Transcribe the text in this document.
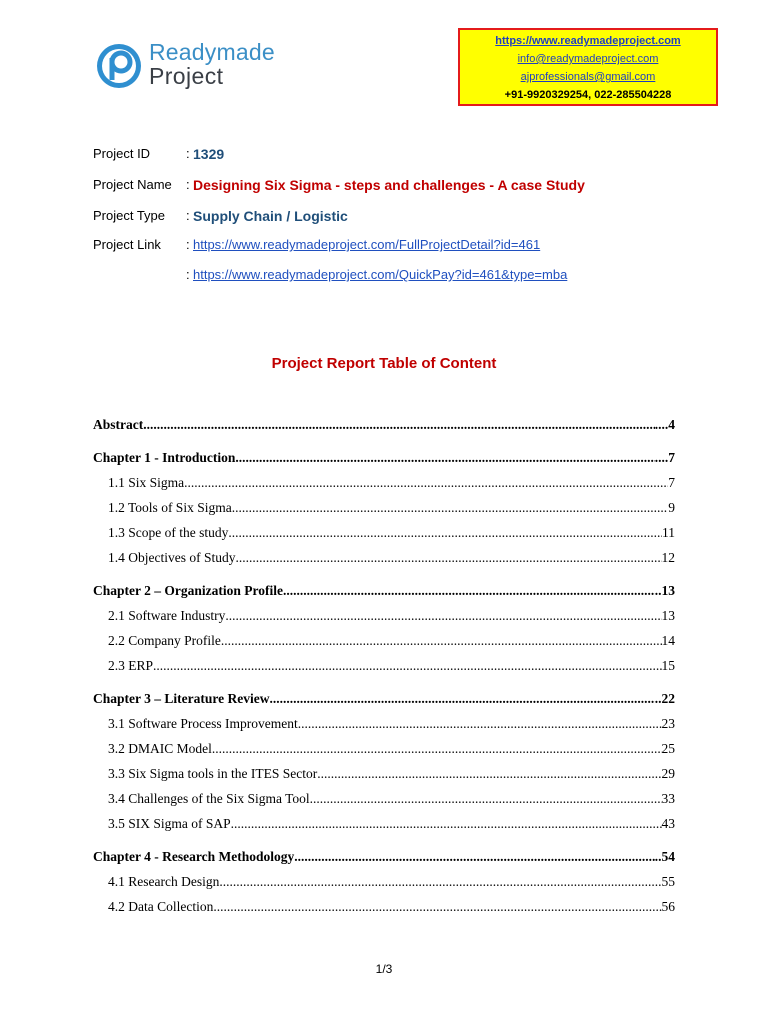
Readymade
Project
https://www.readymadeproject.com
info@readymadeproject.com
ajprofessionals@gmail.com
+91-9920329254, 022-285504228
Project ID	: 1329
Project Name	: Designing Six Sigma - steps and challenges - A case Study
Project Type	: Supply Chain / Logistic
Project Link	: https://www.readymadeproject.com/FullProjectDetail?id=461
: https://www.readymadeproject.com/QuickPay?id=461&type=mba
Project Report Table of Content
Abstract .....	....4
Chapter 1 - Introduction .....	....7
1.1 Six Sigma .....	7
1.2 Tools of Six Sigma .....	9
1.3 Scope of the study .....	11
1.4 Objectives of Study .....	12
Chapter 2 – Organization Profile .....	..13
2.1 Software Industry .....	13
2.2 Company Profile .....	14
2.3 ERP .....	15
Chapter 3 – Literature Review .....	..22
3.1 Software Process Improvement .....	23
3.2 DMAIC Model .....	25
3.3 Six Sigma tools in the ITES Sector .....	29
3.4 Challenges of the Six Sigma Tool .....	33
3.5 SIX Sigma of SAP .....	43
Chapter 4 - Research Methodology .....	..54
4.1 Research Design .....	55
4.2 Data Collection .....	56
1/3
